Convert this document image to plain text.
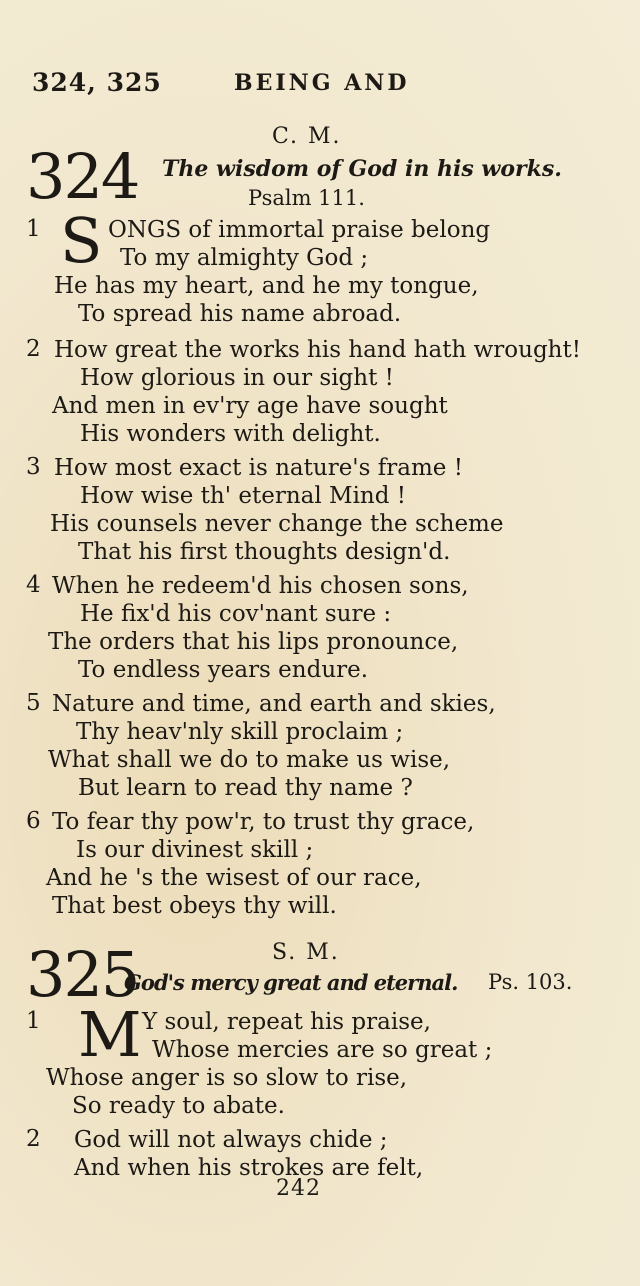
324, 325	BEING AND
324
C. M.
The wisdom of God in his works.
Psalm 111.
1 S ONGS of immortal praise belong
To my almighty God ;
He has my heart, and he my tongue,
To spread his name abroad.
2 How great the works his hand hath wrought!
How glorious in our sight !
And men in ev'ry age have sought
His wonders with delight.
3 How most exact is nature's frame !
How wise th' eternal Mind !
His counsels never change the scheme
That his first thoughts design'd.
4 When he redeem'd his chosen sons,
He fix'd his cov'nant sure :
The orders that his lips pronounce,
To endless years endure.
5 Nature and time, and earth and skies,
Thy heav'nly skill proclaim ;
What shall we do to make us wise,
But learn to read thy name ?
6 To fear thy pow'r, to trust thy grace,
Is our divinest skill ;
And he 's the wisest of our race,
That best obeys thy will.
325	S. M.
God's mercy great and eternal. Ps. 103.
1 M Y soul, repeat his praise,
Whose mercies are so great ;
Whose anger is so slow to rise,
So ready to abate.
2 God will not always chide ;
And when his strokes are felt,
242
